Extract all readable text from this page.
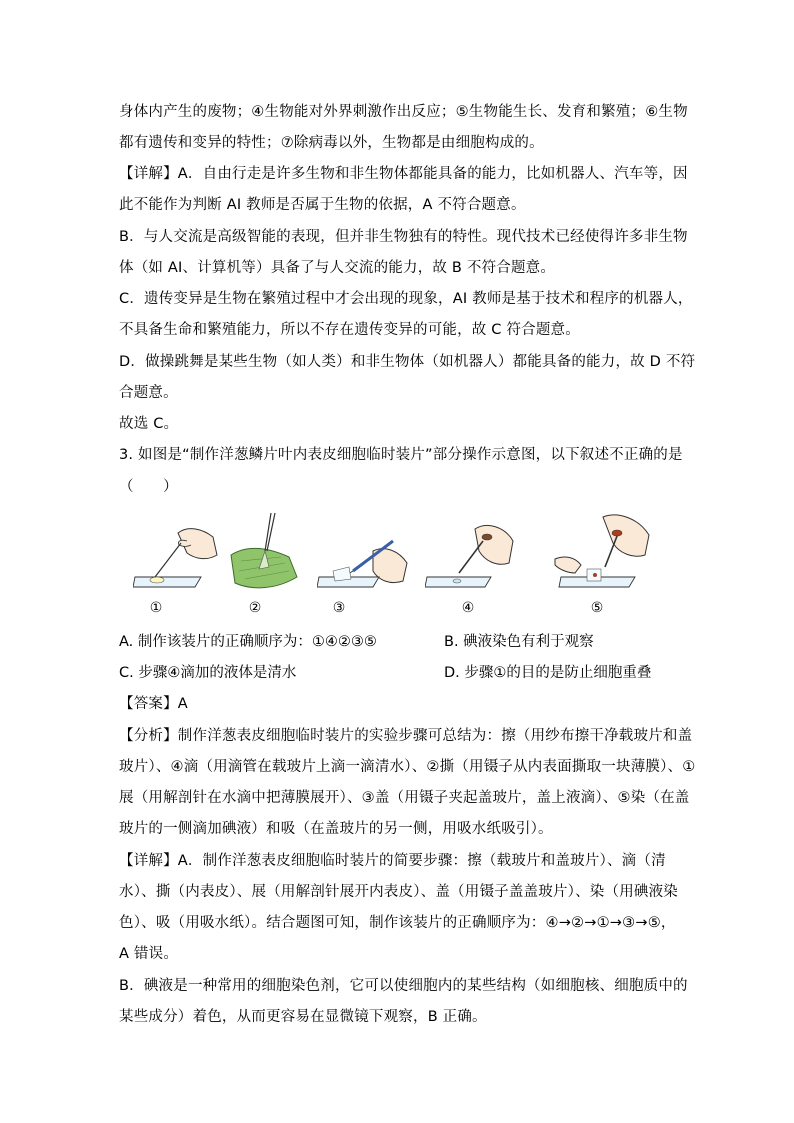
身体内产生的废物；④生物能对外界刺激作出反应；⑤生物能生长、发育和繁殖；⑥生物
都有遗传和变异的特性；⑦除病毒以外，生物都是由细胞构成的。
【详解】A．自由行走是许多生物和非生物体都能具备的能力，比如机器人、汽车等，因
此不能作为判断 AI 教师是否属于生物的依据，A 不符合题意。
B．与人交流是高级智能的表现，但并非生物独有的特性。现代技术已经使得许多非生物
体（如 AI、计算机等）具备了与人交流的能力，故 B 不符合题意。
C．遗传变异是生物在繁殖过程中才会出现的现象，AI 教师是基于技术和程序的机器人，
不具备生命和繁殖能力，所以不存在遗传变异的可能，故 C 符合题意。
D．做操跳舞是某些生物（如人类）和非生物体（如机器人）都能具备的能力，故 D 不符
合题意。
故选 C。
3. 如图是“制作洋葱鳞片叶内表皮细胞临时装片”部分操作示意图，以下叙述不正确的是
（　　）
①	②	③	④	⑤
A. 制作该装片的正确顺序为：①④②③⑤	B. 碘液染色有利于观察
C. 步骤④滴加的液体是清水	D. 步骤①的目的是防止细胞重叠
【答案】A
【分析】制作洋葱表皮细胞临时装片的实验步骤可总结为：擦（用纱布擦干净载玻片和盖
玻片）、④滴（用滴管在载玻片上滴一滴清水）、②撕（用镊子从内表面撕取一块薄膜）、①
展（用解剖针在水滴中把薄膜展开）、③盖（用镊子夹起盖玻片，盖上液滴）、⑤染（在盖
玻片的一侧滴加碘液）和吸（在盖玻片的另一侧，用吸水纸吸引）。
【详解】A．制作洋葱表皮细胞临时装片的简要步骤：擦（载玻片和盖玻片）、滴（清
水）、撕（内表皮）、展（用解剖针展开内表皮）、盖（用镊子盖盖玻片）、染（用碘液染
色）、吸（用吸水纸）。结合题图可知，制作该装片的正确顺序为：④→②→①→③→⑤，
A 错误。
B．碘液是一种常用的细胞染色剂，它可以使细胞内的某些结构（如细胞核、细胞质中的
某些成分）着色，从而更容易在显微镜下观察，B 正确。
